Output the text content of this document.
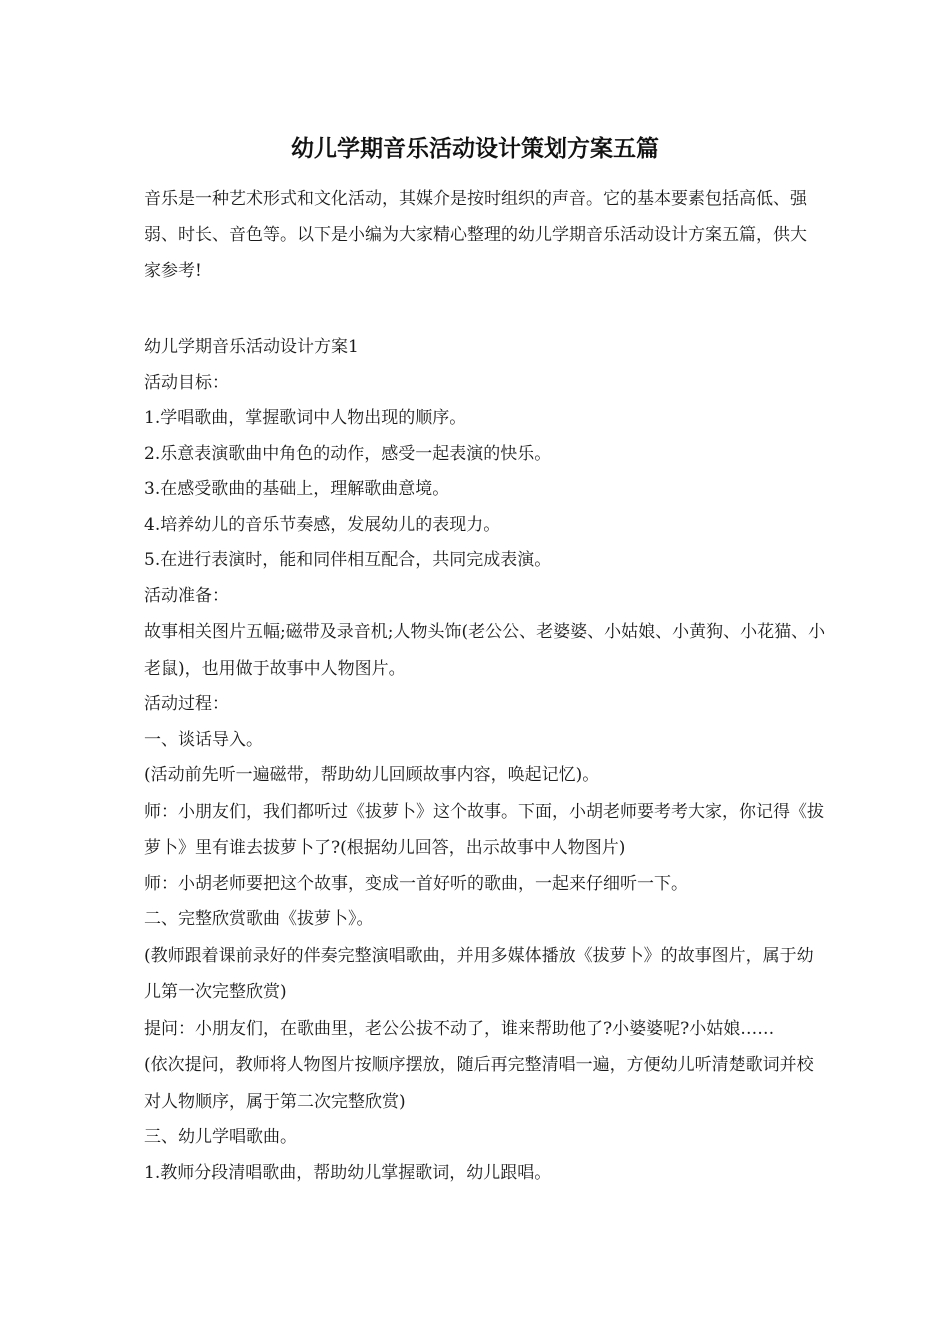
幼儿学期音乐活动设计策划方案五篇

音乐是一种艺术形式和文化活动，其媒介是按时组织的声音。它的基本要素包括高低、强弱、时长、音色等。以下是小编为大家精心整理的幼儿学期音乐活动设计方案五篇，供大家参考!

幼儿学期音乐活动设计方案1

活动目标：

1.学唱歌曲，掌握歌词中人物出现的顺序。

2.乐意表演歌曲中角色的动作，感受一起表演的快乐。

3.在感受歌曲的基础上，理解歌曲意境。

4.培养幼儿的音乐节奏感，发展幼儿的表现力。

5.在进行表演时，能和同伴相互配合，共同完成表演。

活动准备：

故事相关图片五幅;磁带及录音机;人物头饰(老公公、老婆婆、小姑娘、小黄狗、小花猫、小老鼠)，也用做于故事中人物图片。

活动过程：

一、谈话导入。

(活动前先听一遍磁带，帮助幼儿回顾故事内容，唤起记忆)。

师：小朋友们，我们都听过《拔萝卜》这个故事。下面，小胡老师要考考大家，你记得《拔萝卜》里有谁去拔萝卜了?(根据幼儿回答，出示故事中人物图片)

师：小胡老师要把这个故事，变成一首好听的歌曲，一起来仔细听一下。

二、完整欣赏歌曲《拔萝卜》。

(教师跟着课前录好的伴奏完整演唱歌曲，并用多媒体播放《拔萝卜》的故事图片，属于幼儿第一次完整欣赏)

提问：小朋友们，在歌曲里，老公公拔不动了，谁来帮助他了?小婆婆呢?小姑娘……

(依次提问，教师将人物图片按顺序摆放，随后再完整清唱一遍，方便幼儿听清楚歌词并校对人物顺序，属于第二次完整欣赏)

三、幼儿学唱歌曲。

1.教师分段清唱歌曲，帮助幼儿掌握歌词，幼儿跟唱。
